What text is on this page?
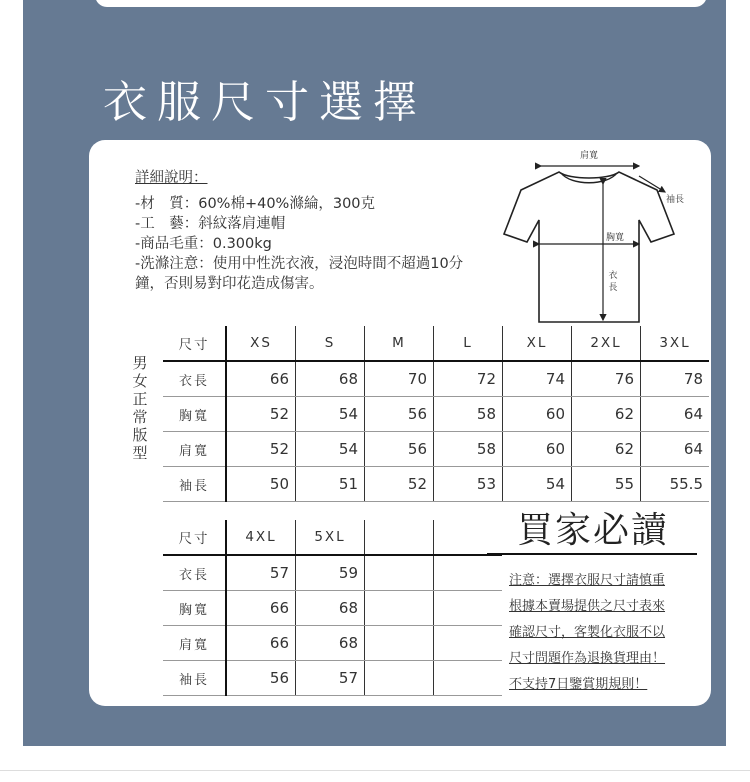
衣服尺寸選擇
詳細說明：
-材　質：60%棉+40%滌綸，300克
-工　藝：斜紋落肩連帽
-商品毛重：0.300kg
-洗滌注意：使用中性洗衣液，浸泡時間不超過10分鐘，否則易對印花造成傷害。
肩寬
袖長
胸寬
衣
長
男女正常版型
尺寸	XS	S	M	L	XL	2XL	3XL
衣長	66	68	70	72	74	76	78
胸寬	52	54	56	58	60	62	64
肩寬	52	54	56	58	60	62	64
袖長	50	51	52	53	54	55	55.5
尺寸	4XL	5XL		
衣長	57	59		
胸寬	66	68		
肩寬	66	68		
袖長	56	57		
買家必讀
注意：選擇衣服尺寸請慎重
根據本賣場提供之尺寸表來
確認尺寸，客製化衣服不以
尺寸問題作為退換貨理由！
不支持7日鑒賞期規則！
